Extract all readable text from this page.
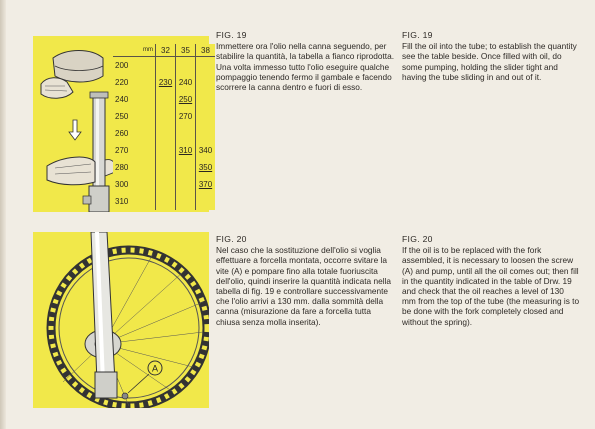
mm	32	35	38
200			
220	230	240	
240		250	
250		270	
260			
270		310	340
280			350
300			370
310			
A
FIG. 19
Immettere ora l'olio nella canna seguendo, per stabilire la quantità, la tabella a fianco riprodotta. Una volta immesso tutto l'olio eseguire qualche pompaggio tenendo fermo il gambale e facendo scorrere la canna dentro e fuori di esso.
FIG. 19
Fill the oil into the tube; to establish the quantity see the table beside. Once filled with oil, do some pumping, holding the slider tight and having the tube sliding in and out of it.
FIG. 20
Nel caso che la sostituzione dell'olio si voglia effettuare a forcella montata, occorre svitare la vite (A) e pompare fino alla totale fuoriuscita dell'olio, quindi inserire la quantità indicata nella tabella di fig. 19 e controllare successivamente che l'olio arrivi a 130 mm. dalla sommità della canna (misurazione da fare a forcella tutta chiusa senza molla inserita).
FIG. 20
If the oil is to be replaced with the fork assembled, it is necessary to loosen the screw (A) and pump, until all the oil comes out; then fill in the quantity indicated in the table of Drw. 19 and check that the oil reaches a level of 130 mm from the top of the tube (the measuring is to be done with the fork completely closed and without the spring).
